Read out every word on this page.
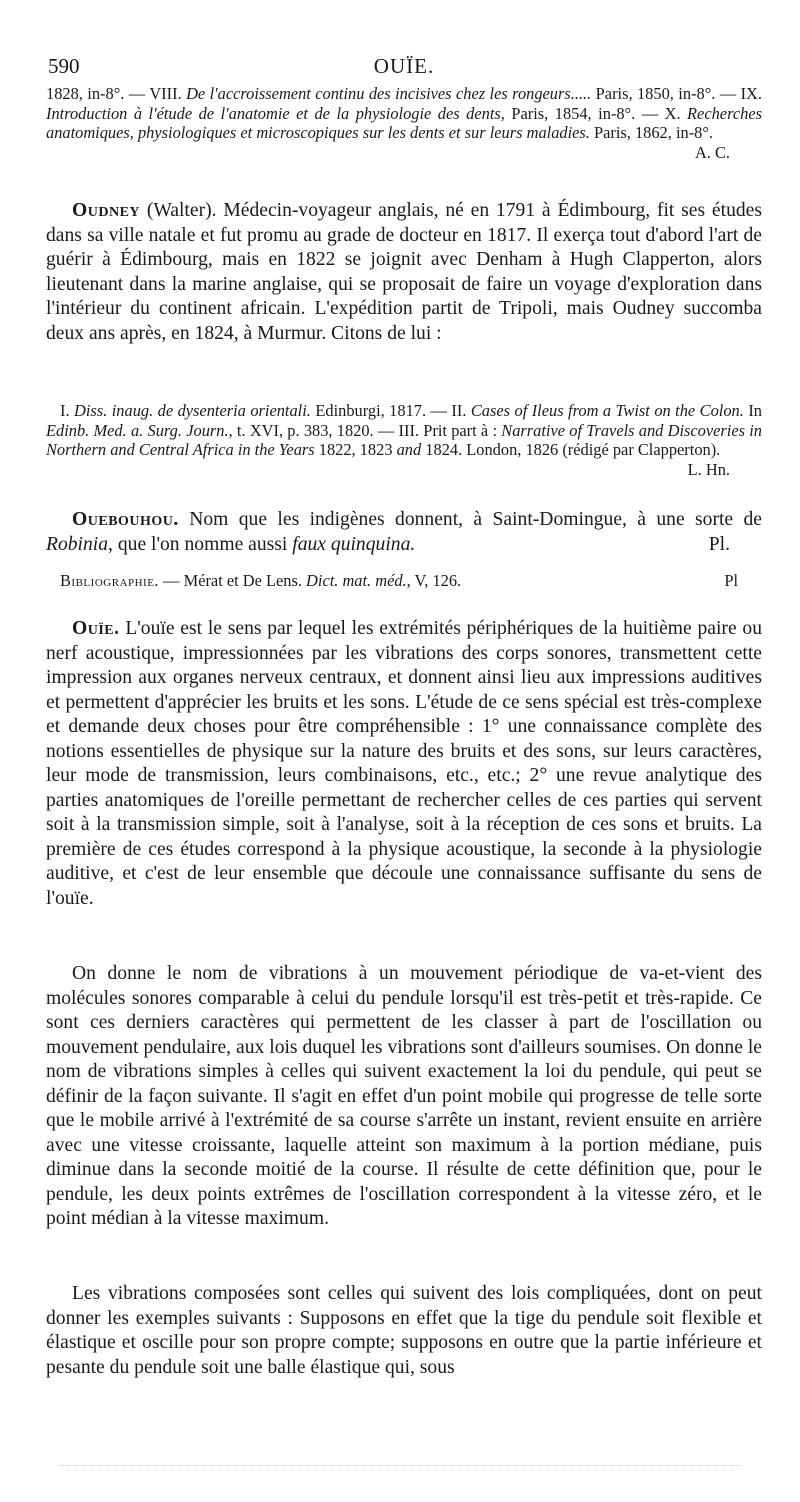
OUÏE.
590

1828, in-8°. — VIII. De l'accroissement continu des incisives chez les rongeurs..... Paris, 1850, in-8°. — IX. Introduction à l'étude de l'anatomie et de la physiologie des dents, Paris, 1854, in-8°. — X. Recherches anatomiques, physiologiques et microscopiques sur les dents et sur leurs maladies. Paris, 1862, in-8°.
A. C.

Oudney (Walter). Médecin-voyageur anglais, né en 1791 à Édimbourg, fit ses études dans sa ville natale et fut promu au grade de docteur en 1817. Il exerça tout d'abord l'art de guérir à Édimbourg, mais en 1822 se joignit avec Denham à Hugh Clapperton, alors lieutenant dans la marine anglaise, qui se proposait de faire un voyage d'exploration dans l'intérieur du continent africain. L'expédition partit de Tripoli, mais Oudney succomba deux ans après, en 1824, à Murmur. Citons de lui :

I. Diss. inaug. de dysenteria orientali. Edinburgi, 1817. — II. Cases of Ileus from a Twist on the Colon. In Edinb. Med. a. Surg. Journ., t. XVI, p. 383, 1820. — III. Prit part à : Narrative of Travels and Discoveries in Northern and Central Africa in the Years 1822, 1823 and 1824. London, 1826 (rédigé par Clapperton).
L. Hn.

Ouebouhou. Nom que les indigènes donnent, à Saint-Domingue, à une sorte de Robinia, que l'on nomme aussi faux quinquina.	Pl.

Bibliographie. — Mérat et De Lens. Dict. mat. méd., V, 126.	Pl

Ouïe. L'ouïe est le sens par lequel les extrémités périphériques de la huitième paire ou nerf acoustique, impressionnées par les vibrations des corps sonores, transmettent cette impression aux organes nerveux centraux, et donnent ainsi lieu aux impressions auditives et permettent d'apprécier les bruits et les sons. L'étude de ce sens spécial est très-complexe et demande deux choses pour être compréhensible : 1° une connaissance complète des notions essentielles de physique sur la nature des bruits et des sons, sur leurs caractères, leur mode de transmission, leurs combinaisons, etc., etc.; 2° une revue analytique des parties anatomiques de l'oreille permettant de rechercher celles de ces parties qui servent soit à la transmission simple, soit à l'analyse, soit à la réception de ces sons et bruits. La première de ces études correspond à la physique acoustique, la seconde à la physiologie auditive, et c'est de leur ensemble que découle une connaissance suffisante du sens de l'ouïe.

On donne le nom de vibrations à un mouvement périodique de va-et-vient des molécules sonores comparable à celui du pendule lorsqu'il est très-petit et très-rapide. Ce sont ces derniers caractères qui permettent de les classer à part de l'oscillation ou mouvement pendulaire, aux lois duquel les vibrations sont d'ailleurs soumises. On donne le nom de vibrations simples à celles qui suivent exactement la loi du pendule, qui peut se définir de la façon suivante. Il s'agit en effet d'un point mobile qui progresse de telle sorte que le mobile arrivé à l'extrémité de sa course s'arrête un instant, revient ensuite en arrière avec une vitesse croissante, laquelle atteint son maximum à la portion médiane, puis diminue dans la seconde moitié de la course. Il résulte de cette définition que, pour le pendule, les deux points extrêmes de l'oscillation correspondent à la vitesse zéro, et le point médian à la vitesse maximum.

Les vibrations composées sont celles qui suivent des lois compliquées, dont on peut donner les exemples suivants : Supposons en effet que la tige du pendule soit flexible et élastique et oscille pour son propre compte; supposons en outre que la partie inférieure et pesante du pendule soit une balle élastique qui, sous
